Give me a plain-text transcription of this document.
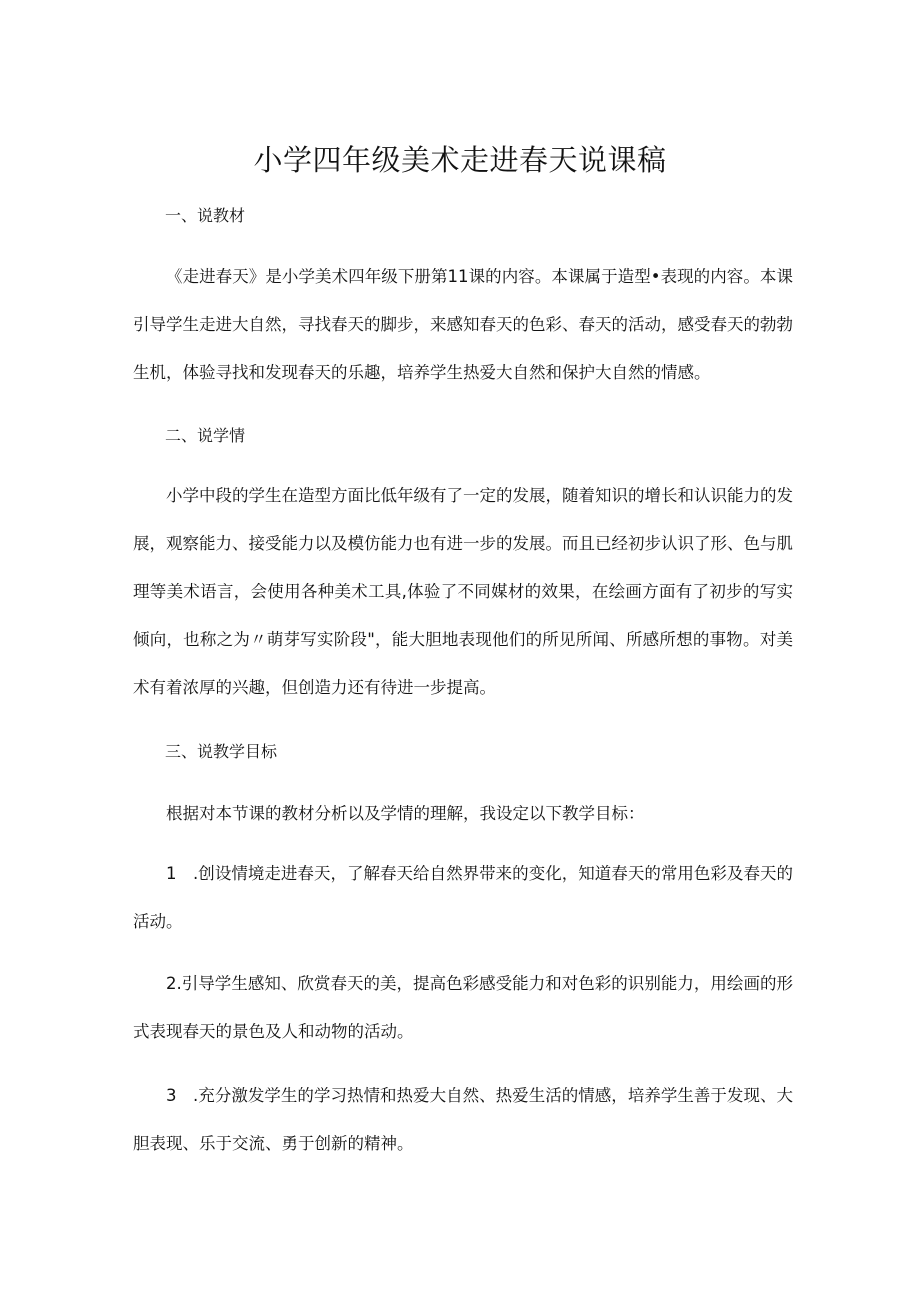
小学四年级美术走进春天说课稿
一、说教材

《走进春天》是小学美术四年级下册第11课的内容。本课属于造型•表现的内容。本课引导学生走进大自然，寻找春天的脚步，来感知春天的色彩、春天的活动，感受春天的勃勃生机，体验寻找和发现春天的乐趣，培养学生热爱大自然和保护大自然的情感。

二、说学情

小学中段的学生在造型方面比低年级有了一定的发展，随着知识的增长和认识能力的发展，观察能力、接受能力以及模仿能力也有进一步的发展。而且已经初步认识了形、色与肌理等美术语言，会使用各种美术工具,体验了不同媒材的效果，在绘画方面有了初步的写实倾向，也称之为〃萌芽写实阶段"，能大胆地表现他们的所见所闻、所感所想的事物。对美术有着浓厚的兴趣，但创造力还有待进一步提高。

三、说教学目标

根据对本节课的教材分析以及学情的理解，我设定以下教学目标：

1　.创设情境走进春天，了解春天给自然界带来的变化，知道春天的常用色彩及春天的活动。

2.引导学生感知、欣赏春天的美，提高色彩感受能力和对色彩的识别能力，用绘画的形式表现春天的景色及人和动物的活动。

3　.充分激发学生的学习热情和热爱大自然、热爱生活的情感，培养学生善于发现、大胆表现、乐于交流、勇于创新的精神。
